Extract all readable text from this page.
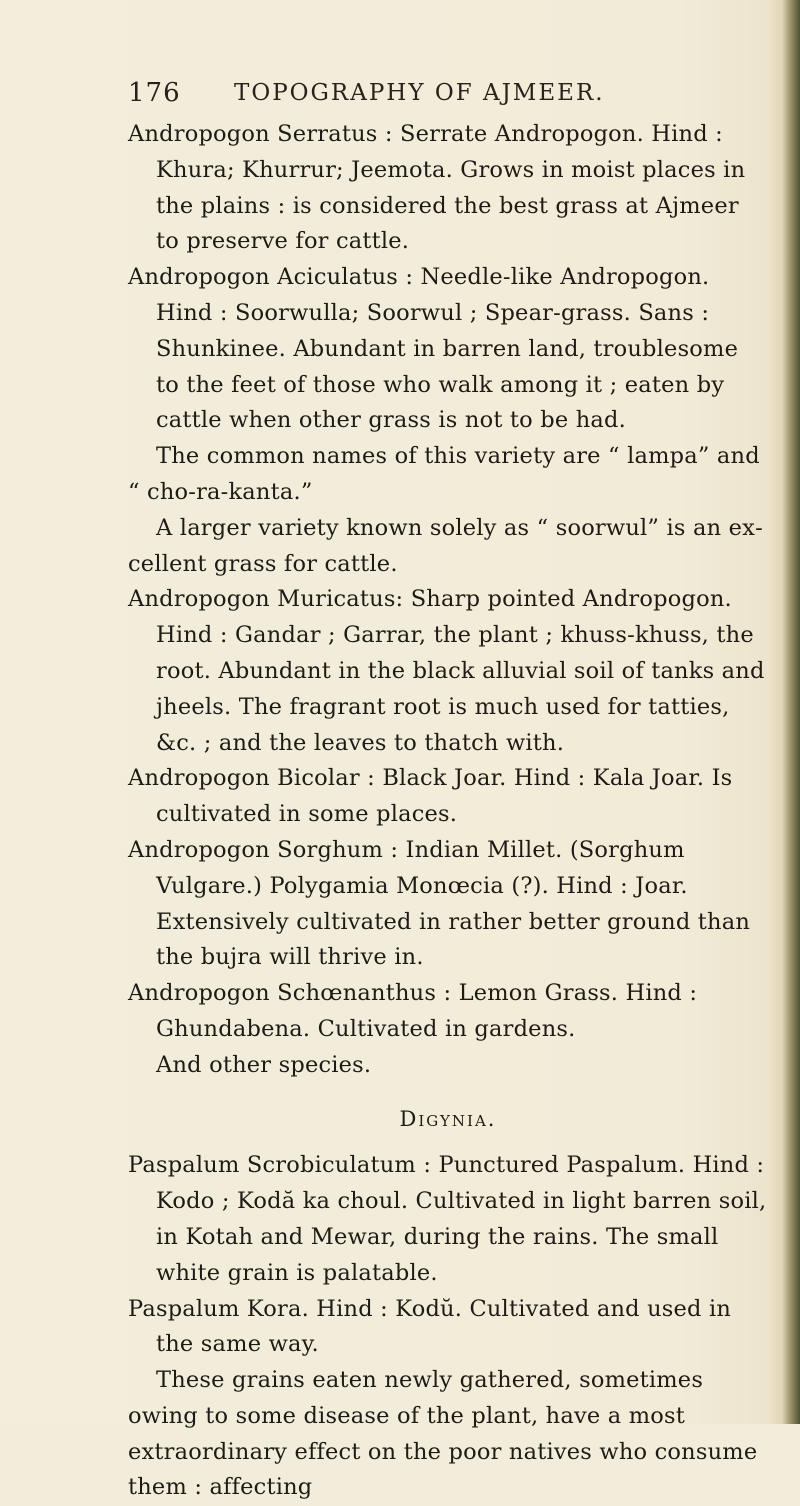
176 TOPOGRAPHY OF AJMEER.

Andropogon Serratus : Serrate Andropogon. Hind : Khura; Khurrur; Jeemota. Grows in moist places in the plains : is considered the best grass at Ajmeer to preserve for cattle.

Andropogon Aciculatus : Needle-like Andropogon. Hind : Soorwulla; Soorwul ; Spear-grass. Sans : Shunkinee. Abundant in barren land, troublesome to the feet of those who walk among it ; eaten by cattle when other grass is not to be had.

The common names of this variety are “ lampa” and “ cho-ra-kanta.”

A larger variety known solely as “ soorwul” is an excellent grass for cattle.

Andropogon Muricatus: Sharp pointed Andropogon. Hind : Gandar ; Garrar, the plant ; khuss-khuss, the root. Abundant in the black alluvial soil of tanks and jheels. The fragrant root is much used for tatties, &c. ; and the leaves to thatch with.

Andropogon Bicolar : Black Joar. Hind : Kala Joar. Is cultivated in some places.

Andropogon Sorghum : Indian Millet. (Sorghum Vulgare.) Polygamia Monœcia (?). Hind : Joar. Extensively cultivated in rather better ground than the bujra will thrive in.

Andropogon Schœnanthus : Lemon Grass. Hind : Ghundabena. Cultivated in gardens.

And other species.

Digynia.

Paspalum Scrobiculatum : Punctured Paspalum. Hind : Kodo ; Kodă ka choul. Cultivated in light barren soil, in Kotah and Mewar, during the rains. The small white grain is palatable.

Paspalum Kora. Hind : Kodŭ. Cultivated and used in the same way.

These grains eaten newly gathered, sometimes owing to some disease of the plant, have a most extraordinary effect on the poor natives who consume them : affecting
